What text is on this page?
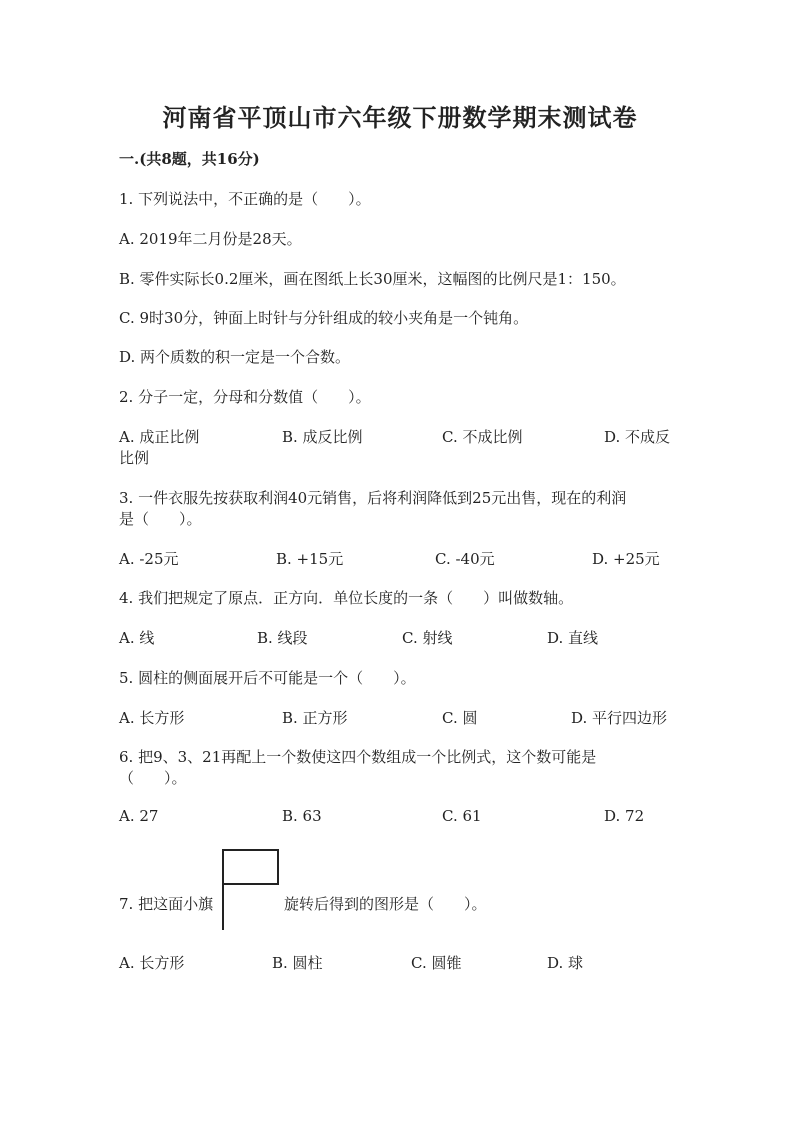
河南省平顶山市六年级下册数学期末测试卷
一.(共8题，共16分)
1. 下列说法中，不正确的是（　　）。
A. 2019年二月份是28天。
B. 零件实际长0.2厘米，画在图纸上长30厘米，这幅图的比例尺是1：150。
C. 9时30分，钟面上时针与分针组成的较小夹角是一个钝角。
D. 两个质数的积一定是一个合数。
2. 分子一定，分母和分数值（　　）。
A. 成正比例	B. 成反比例	C. 不成比例	D. 不成反
比例
3. 一件衣服先按获取利润40元销售，后将利润降低到25元出售，现在的利润
是（　　）。
A. -25元	B. +15元	C. -40元	D. +25元
4. 我们把规定了原点．正方向．单位长度的一条（　　）叫做数轴。
A. 线	B. 线段	C. 射线	D. 直线
5. 圆柱的侧面展开后不可能是一个（　　）。
A. 长方形	B. 正方形	C. 圆	D. 平行四边形
6. 把9、3、21再配上一个数使这四个数组成一个比例式，这个数可能是
（　　）。
A. 27	B. 63	C. 61	D. 72
7. 把这面小旗	旋转后得到的图形是（　　）。
A. 长方形	B. 圆柱	C. 圆锥	D. 球
